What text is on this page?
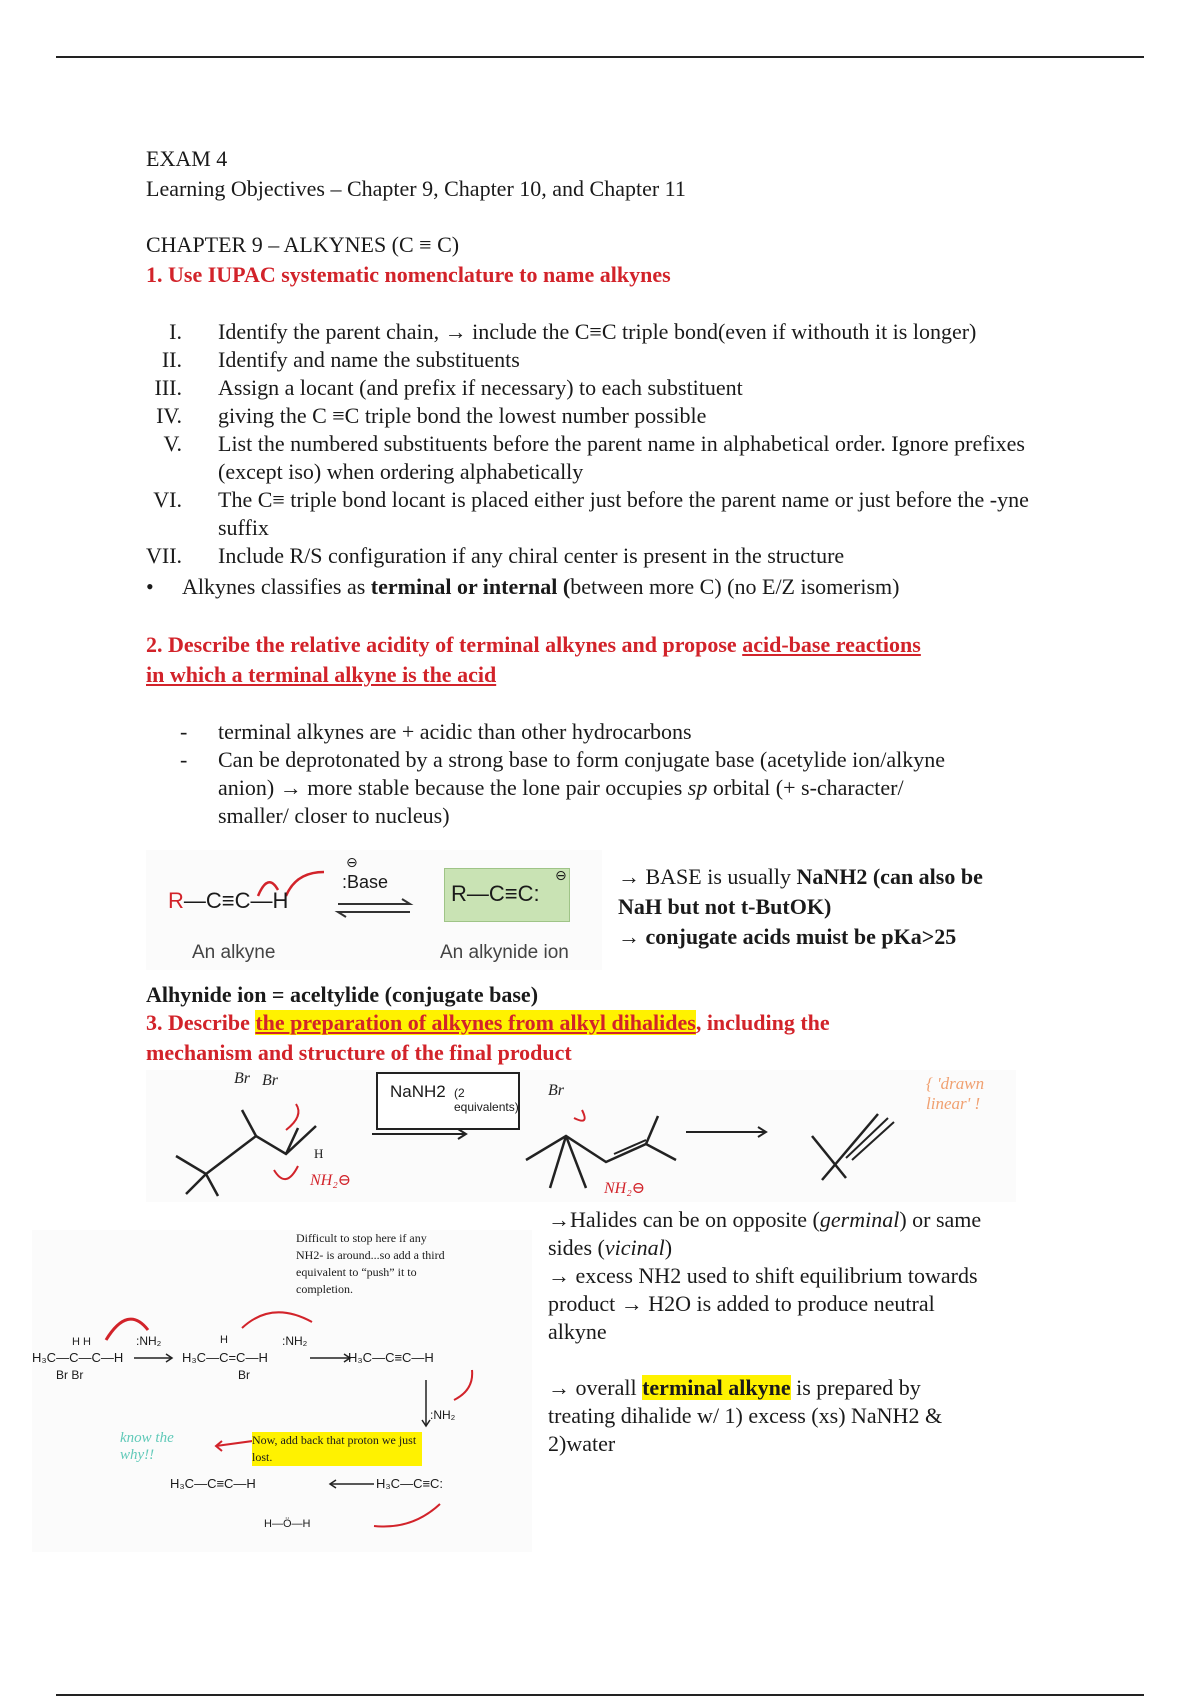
EXAM 4
Learning Objectives – Chapter 9, Chapter 10, and Chapter 11
CHAPTER 9 – ALKYNES (C ≡ C)
1. Use IUPAC systematic nomenclature to name alkynes
I. Identify the parent chain, → include the C≡C triple bond(even if withouth it is longer)
II. Identify and name the substituents
III. Assign a locant (and prefix if necessary) to each substituent
IV. giving the C ≡C triple bond the lowest number possible
V. List the numbered substituents before the parent name in alphabetical order. Ignore prefixes (except iso) when ordering alphabetically
VI. The C≡ triple bond locant is placed either just before the parent name or just before the -yne suffix
VII. Include R/S configuration if any chiral center is present in the structure
• Alkynes classifies as terminal or internal (between more C) (no E/Z isomerism)
2. Describe the relative acidity of terminal alkynes and propose acid-base reactions
in which a terminal alkyne is the acid
-	terminal alkynes are + acidic than other hydrocarbons
-	Can be deprotonated by a strong base to form conjugate base (acetylide ion/alkyne
anion) → more stable because the lone pair occupies sp orbital (+ s-character/
smaller/ closer to nucleus)
R—C≡C—H
:Base
⊖
R—C≡C:
⊖
An alkyne	An alkynide ion
→ BASE is usually NaNH2 (can also be
NaH but not t-ButOK)
→ conjugate acids muist be pKa>25
Alhynide ion = aceltylide (conjugate base)
3. Describe the preparation of alkynes from alkyl dihalides, including the
mechanism and structure of the final product
NaNH2 (2 equivalents)
Br Br
Br
H
NH₂⊖	NH₂⊖
{ 'drawn linear' !
Difficult to stop here if any NH2- is around...so add a third equivalent to “push” it to completion.
H H
H₃C—C—C—H
Br Br
:NH₂	H
H₃C—C=C—H
Br
:NH₂
H₃C—C≡C—H
:NH₂
Now, add back that proton we just lost.
know the why!!
H₃C—C≡C—H	H₃C—C≡C:
H—Ö—H
→Halides can be on opposite (germinal) or same
sides (vicinal)
→ excess NH2 used to shift equilibrium towards
product → H2O is added to produce neutral
alkyne
→ overall terminal alkyne is prepared by
treating dihalide w/ 1) excess (xs) NaNH2 &
2)water
